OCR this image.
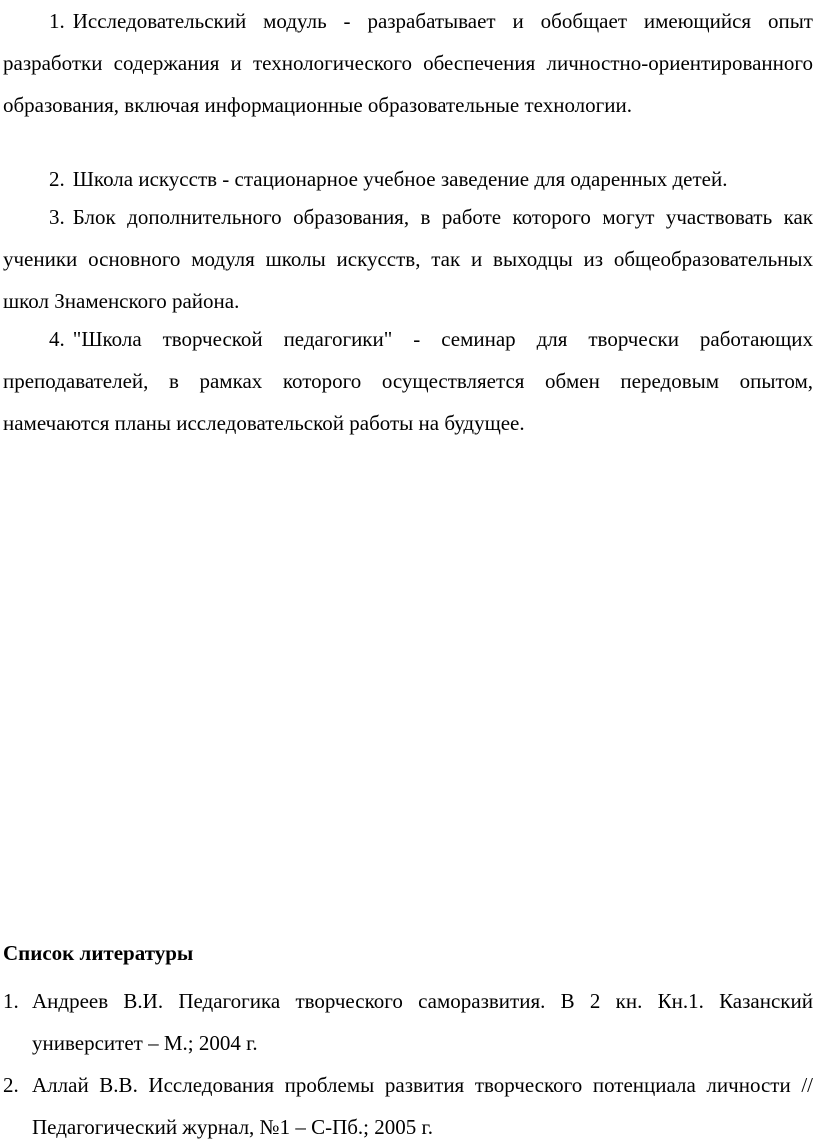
1. Исследовательский модуль - разрабатывает и обобщает имеющийся опыт разработки содержания и технологического обеспечения личностно-ориентированного образования, включая информационные образовательные технологии.

2. Школа искусств - стационарное учебное заведение для одаренных детей.

3. Блок дополнительного образования, в работе которого могут участвовать как ученики основного модуля школы искусств, так и выходцы из общеобразовательных школ Знаменского района.

4. "Школа творческой педагогики" - семинар для творчески работающих преподавателей, в рамках которого осуществляется обмен передовым опытом, намечаются планы исследовательской работы на будущее.

Список литературы
1. Андреев В.И. Педагогика творческого саморазвития. В 2 кн. Кн.1. Казанский университет – М.; 2004 г.
2. Аллай В.В. Исследования проблемы развития творческого потенциала личности // Педагогический журнал, №1 – С-Пб.; 2005 г.
